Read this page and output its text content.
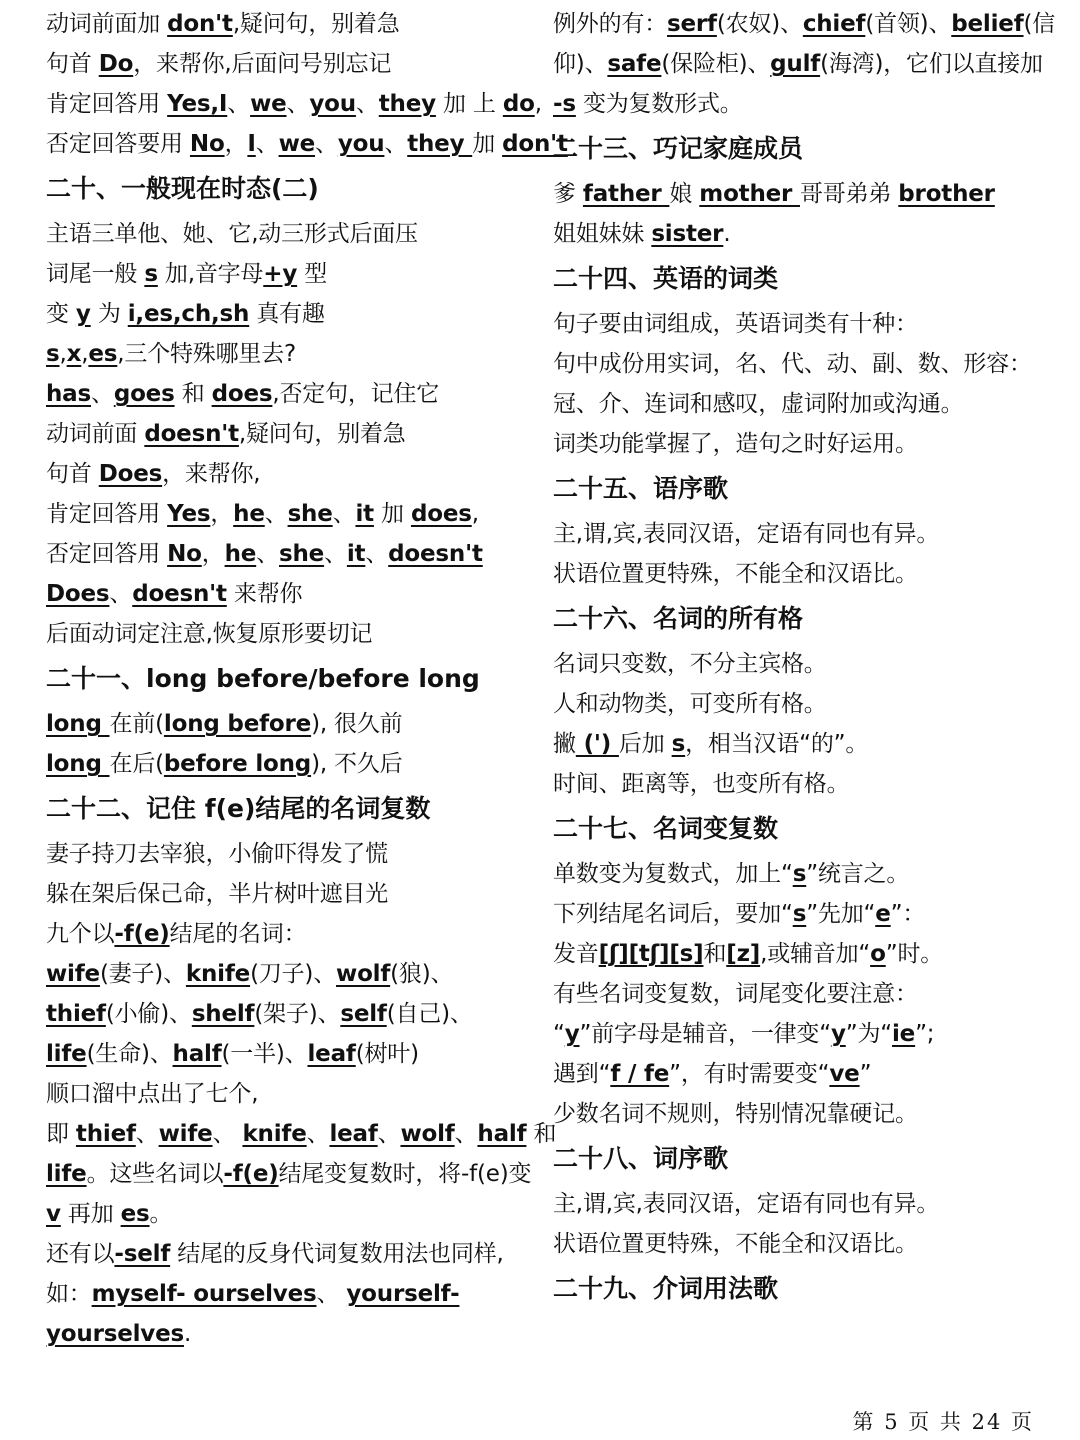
动词前面加 don't,疑问句，别着急
句首 Do，来帮你,后面问号别忘记
肯定回答用 Yes,I、we、you、they 加 上 do,
否定回答要用 No，I、we、you、they 加 don't
二十、一般现在时态(二)
主语三单他、她、它,动三形式后面压
词尾一般 s 加,音字母+y 型
变 y 为 i,es,ch,sh 真有趣
s,x,es,三个特殊哪里去?
has、goes 和 does,否定句，记住它
动词前面 doesn't,疑问句，别着急
句首 Does，来帮你,
肯定回答用 Yes，he、she、it 加 does,
否定回答用 No，he、she、it、doesn't
Does、doesn't 来帮你
后面动词定注意,恢复原形要切记
二十一、long before/before long
long 在前(long before), 很久前
long 在后(before long), 不久后
二十二、记住 f(e)结尾的名词复数
妻子持刀去宰狼，小偷吓得发了慌
躲在架后保己命，半片树叶遮目光
九个以-f(e)结尾的名词：
wife(妻子)、knife(刀子)、wolf(狼)、
thief(小偷)、shelf(架子)、self(自己)、
life(生命)、half(一半)、leaf(树叶)
顺口溜中点出了七个,
即 thief、wife、 knife、leaf、wolf、half 和
life。这些名词以-f(e)结尾变复数时，将-f(e)变
v 再加 es。
还有以-self 结尾的反身代词复数用法也同样,
如：myself- ourselves、 yourself-
yourselves.
例外的有：serf(农奴)、chief(首领)、belief(信
仰)、safe(保险柜)、gulf(海湾)，它们以直接加
-s 变为复数形式。
二十三、巧记家庭成员
爹 father 娘 mother 哥哥弟弟 brother
姐姐妹妹 sister.
二十四、英语的词类
句子要由词组成，英语词类有十种：
句中成份用实词，名、代、动、副、数、形容：
冠、介、连词和感叹，虚词附加或沟通。
词类功能掌握了，造句之时好运用。
二十五、语序歌
主,谓,宾,表同汉语，定语有同也有异。
状语位置更特殊，不能全和汉语比。
二十六、名词的所有格
名词只变数，不分主宾格。
人和动物类，可变所有格。
撇 (') 后加 s，相当汉语“的”。
时间、距离等，也变所有格。
二十七、名词变复数
单数变为复数式，加上“s”统言之。
下列结尾名词后，要加“s”先加“e”：
发音[ʃ][tʃ][s]和[z],或辅音加“o”时。
有些名词变复数，词尾变化要注意：
“y”前字母是辅音，一律变“y”为“ie”;
遇到“f / fe”，有时需要变“ve”
少数名词不规则，特别情况靠硬记。
二十八、词序歌
主,谓,宾,表同汉语，定语有同也有异。
状语位置更特殊，不能全和汉语比。
二十九、介词用法歌
第 5 页 共 24 页
